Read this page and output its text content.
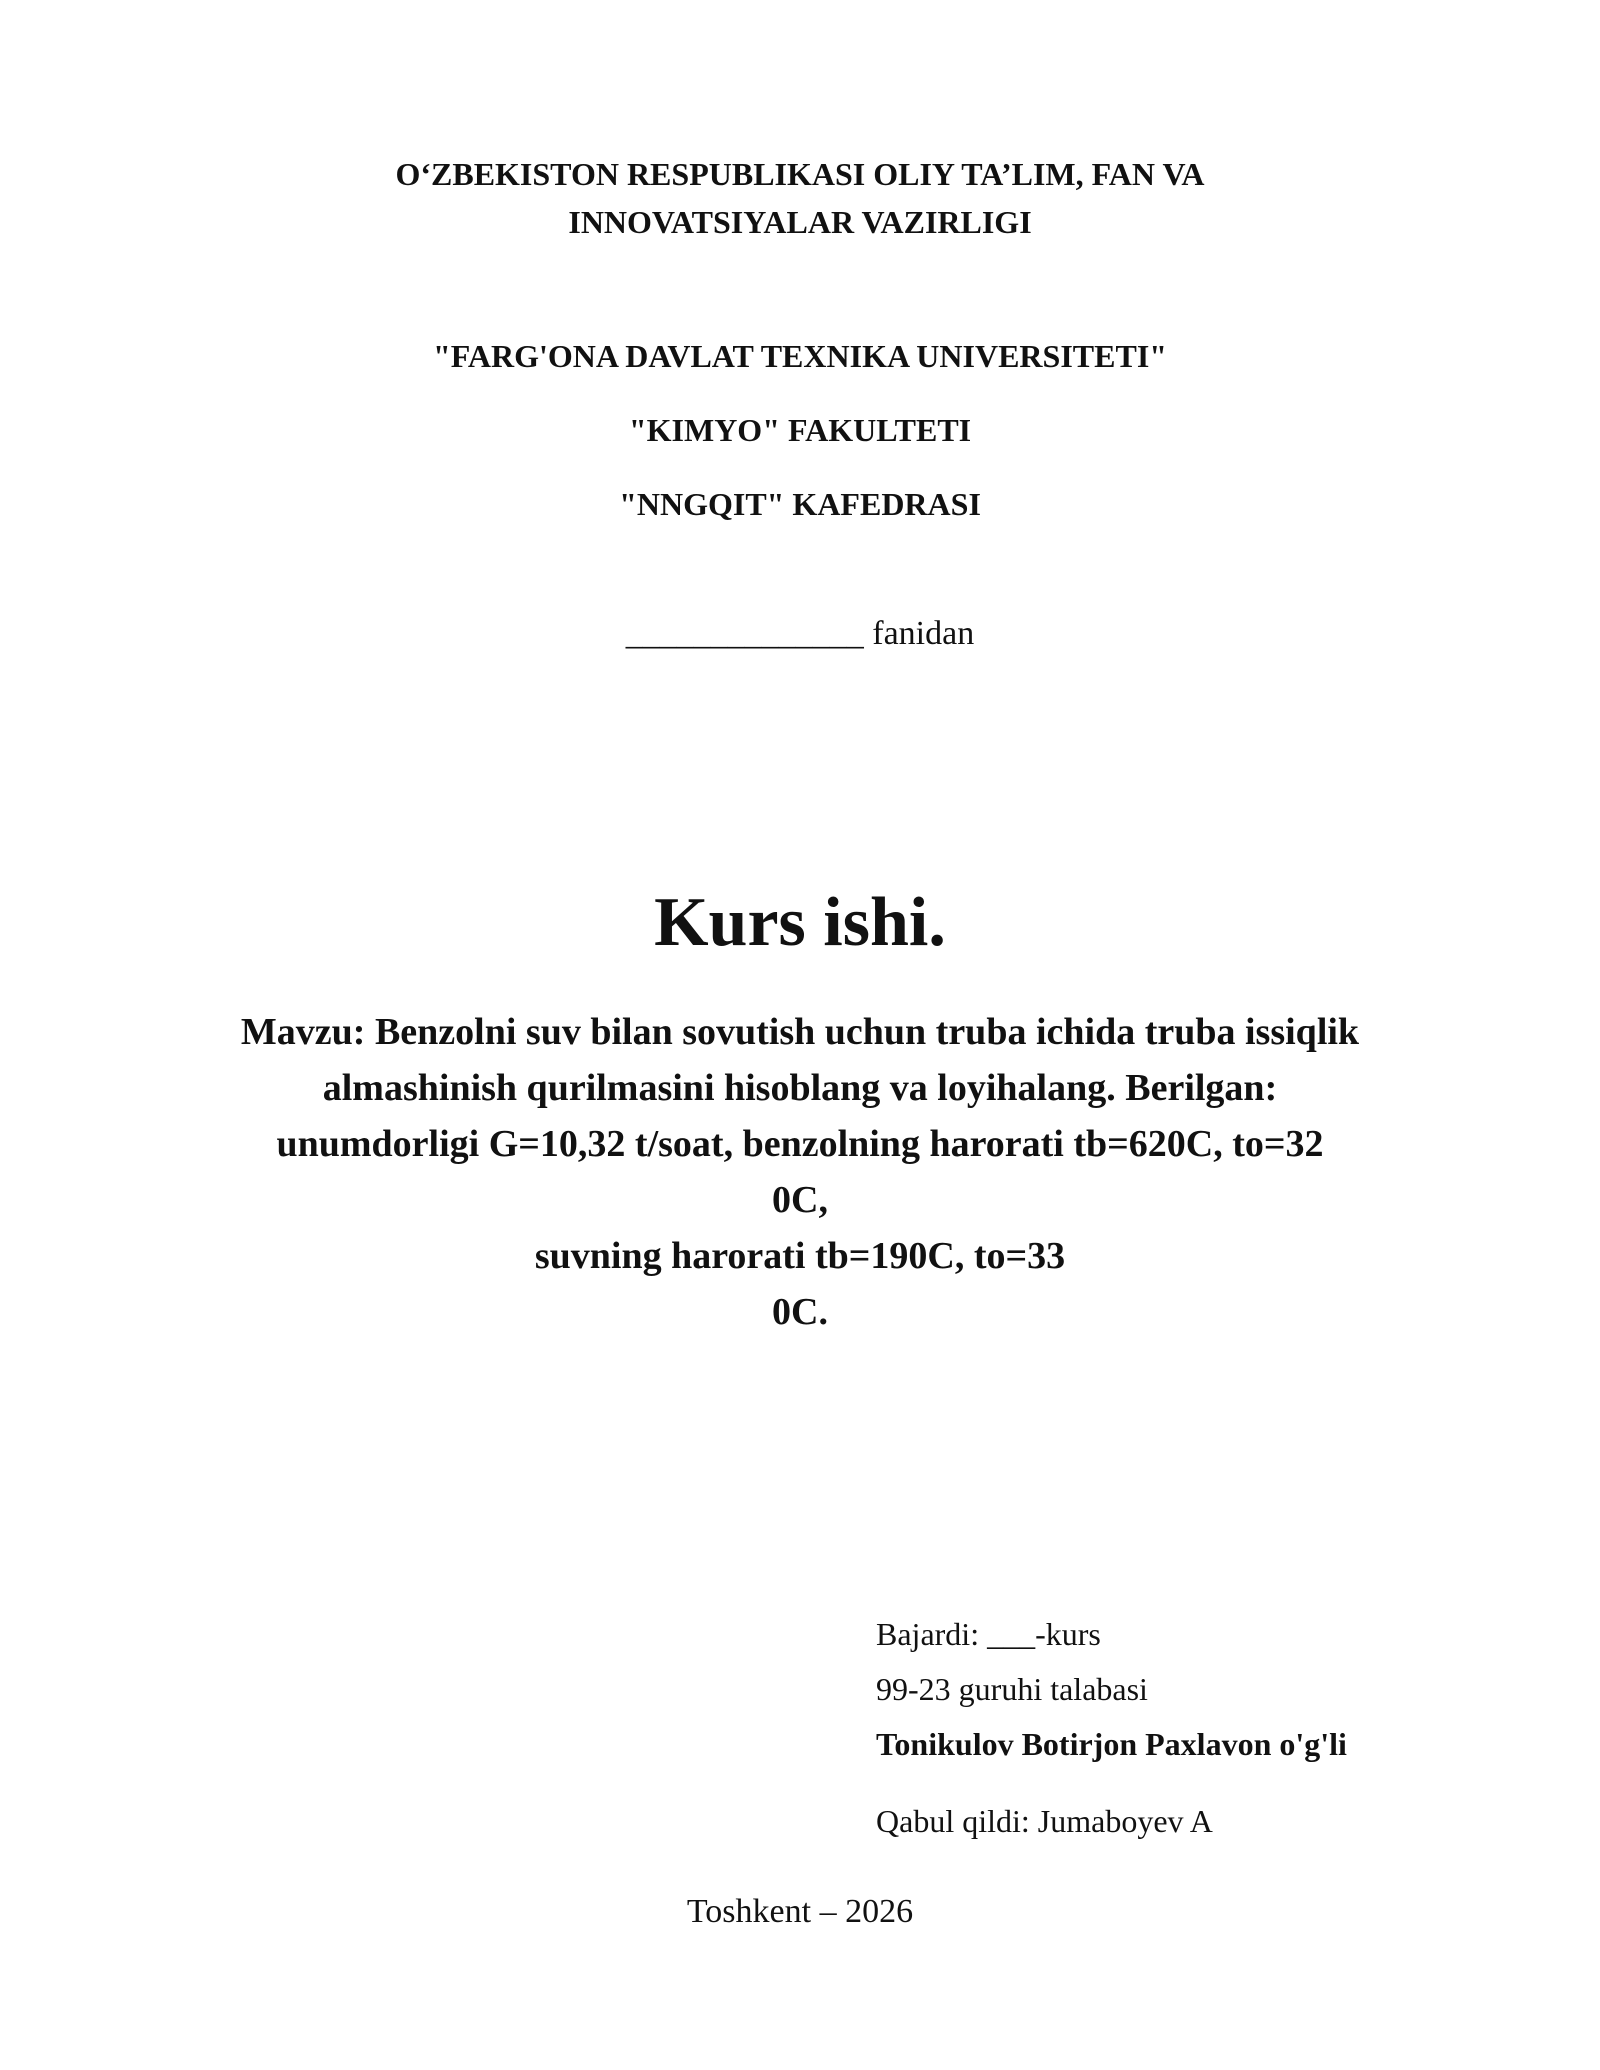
O‘ZBEKISTON RESPUBLIKASI OLIY TA’LIM, FAN VA
INNOVATSIYALAR VAZIRLIGI
"FARG'ONA DAVLAT TEXNIKA UNIVERSITETI"
"KIMYO" FAKULTETI
"NNGQIT" KAFEDRASI
______________ fanidan
Kurs ishi.
Mavzu: Benzolni suv bilan sovutish uchun truba ichida truba issiqlik
almashinish qurilmasini hisoblang va loyihalang. Berilgan:
unumdorligi G=10,32 t/soat, benzolning harorati tb=620C, to=32
0C,
suvning harorati tb=190C, to=33
0C.
Bajardi: ___-kurs
99-23 guruhi talabasi
Tonikulov Botirjon Paxlavon o'g'li
Qabul qildi: Jumaboyev A
Toshkent – 2026
